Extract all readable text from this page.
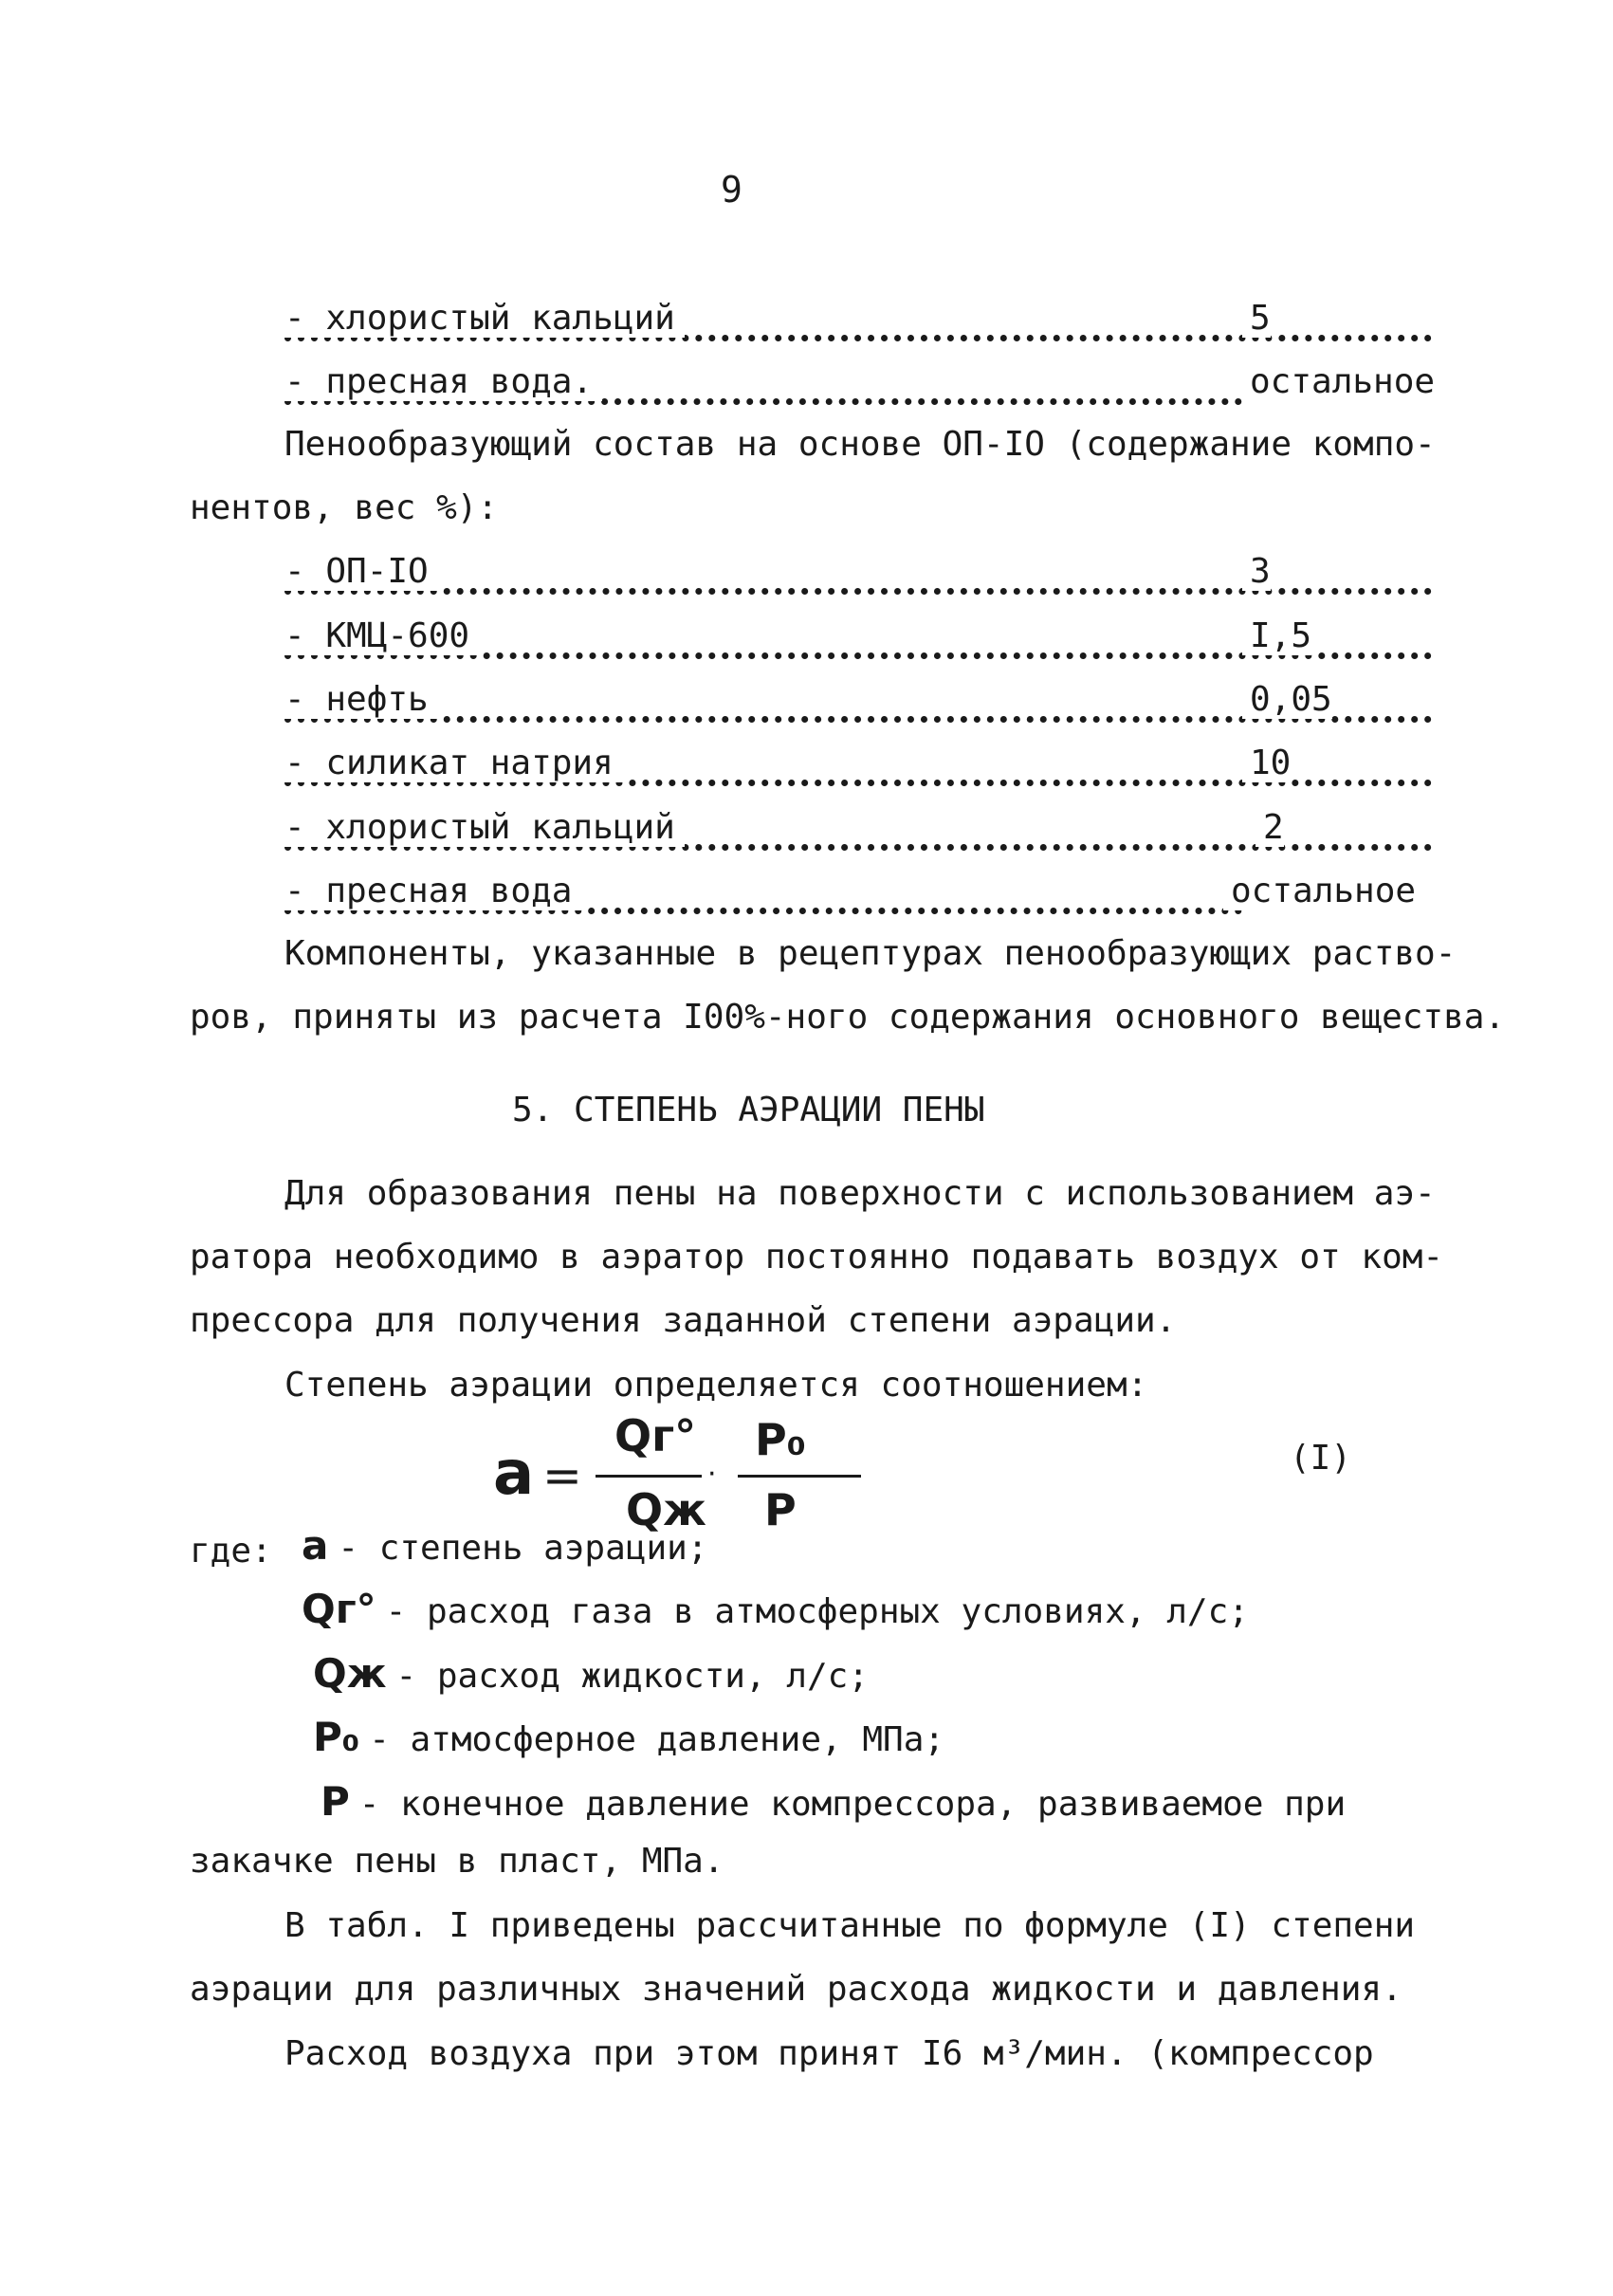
9
- хлористый кальций	5
- пресная вода.	остальное
Пенообразующий состав на основе ОП-IO (содержание компо-
нентов, вес %):
- ОП-IO	3
- КМЦ-600	I,5
- нефть	0,05
- силикат натрия	10
- хлористый кальций	2
- пресная вода	остальное
Компоненты, указанные в рецептурах пенообразующих раство-
ров, приняты из расчета I00%-ного содержания основного вещества.
5. СТЕПЕНЬ АЭРАЦИИ ПЕНЫ
Для образования пены на поверхности с использованием аэ-
ратора необходимо в аэратор постоянно подавать воздух от ком-
прессора для получения заданной степени аэрации.
Степень аэрации определяется соотношением:
a =
Qг°
Qж
·
P₀
P
(I)
где: a - степень аэрации;
Qг° - расход газа в атмосферных условиях, л/с;
Qж - расход жидкости, л/с;
P₀ - атмосферное давление, МПа;
P - конечное давление компрессора, развиваемое при
закачке пены в пласт, МПа.
В табл. I приведены рассчитанные по формуле (I) степени
аэрации для различных значений расхода жидкости и давления.
Расход воздуха при этом принят I6 м³/мин. (компрессор
